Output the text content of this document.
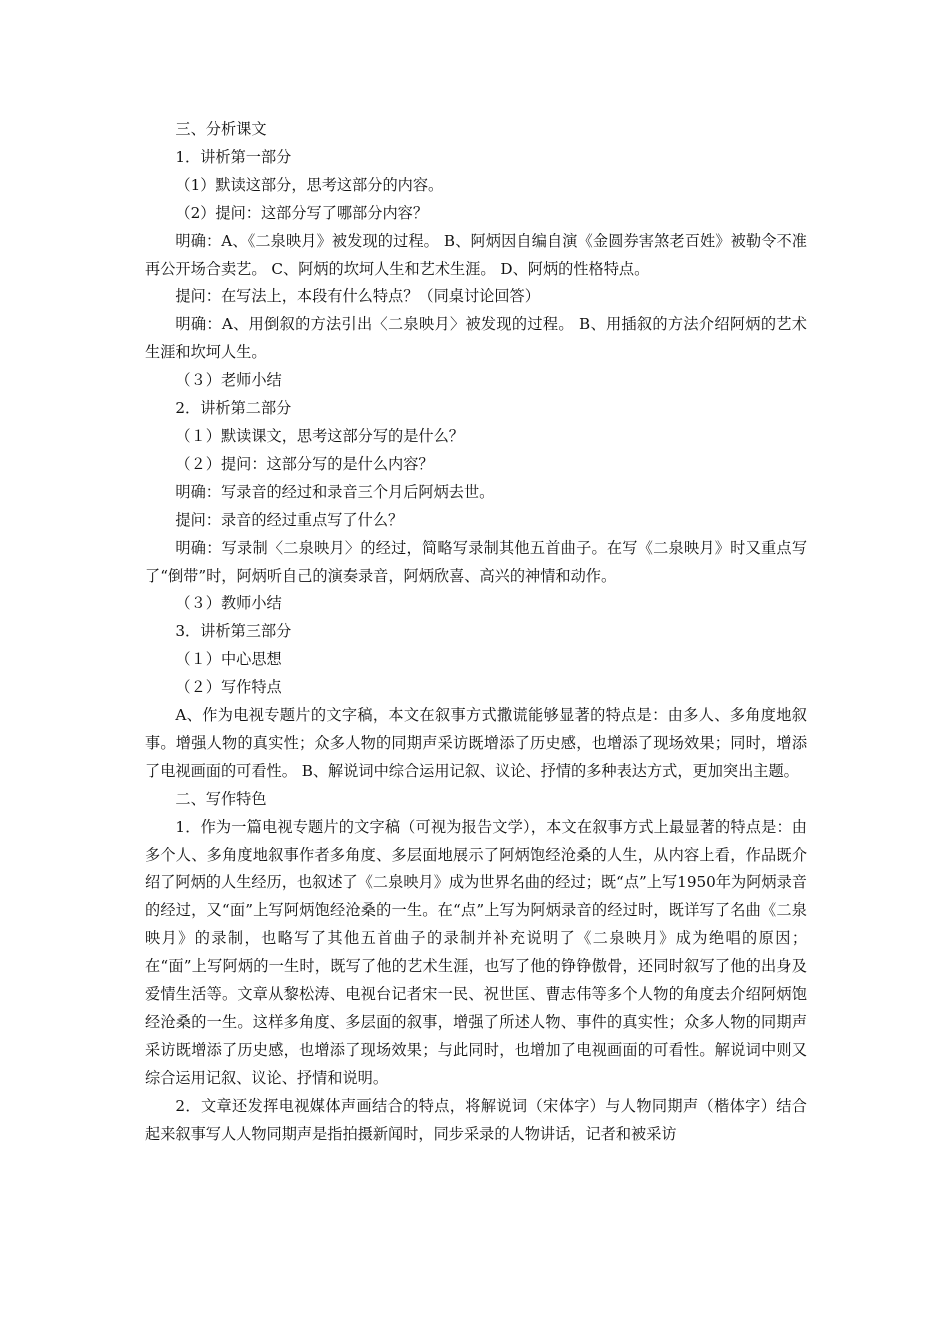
三、分析课文

1．讲析第一部分

（1）默读这部分，思考这部分的内容。

（2）提问：这部分写了哪部分内容？

明确：A、《二泉映月》被发现的过程。 B、阿炳因自编自演《金圆券害煞老百姓》被勒令不准再公开场合卖艺。 C、阿炳的坎坷人生和艺术生涯。 D、阿炳的性格特点。

提问：在写法上，本段有什么特点？（同桌讨论回答）

明确：A、用倒叙的方法引出〈二泉映月〉被发现的过程。 B、用插叙的方法介绍阿炳的艺术生涯和坎坷人生。

（３）老师小结

2．讲析第二部分

（１）默读课文，思考这部分写的是什么？

（２）提问：这部分写的是什么内容？

明确：写录音的经过和录音三个月后阿炳去世。

提问：录音的经过重点写了什么？

明确：写录制〈二泉映月〉的经过，简略写录制其他五首曲子。在写《二泉映月》时又重点写了“倒带”时，阿炳听自己的演奏录音，阿炳欣喜、高兴的神情和动作。

（３）教师小结

3．讲析第三部分

（１）中心思想

（２）写作特点

A、作为电视专题片的文字稿，本文在叙事方式撒谎能够显著的特点是：由多人、多角度地叙事。增强人物的真实性；众多人物的同期声采访既增添了历史感，也增添了现场效果；同时，增添了电视画面的可看性。 B、解说词中综合运用记叙、议论、抒情的多种表达方式，更加突出主题。

二、写作特色

1．作为一篇电视专题片的文字稿（可视为报告文学），本文在叙事方式上最显著的特点是：由多个人、多角度地叙事作者多角度、多层面地展示了阿炳饱经沧桑的人生，从内容上看，作品既介绍了阿炳的人生经历，也叙述了《二泉映月》成为世界名曲的经过；既“点”上写1950年为阿炳录音的经过，又“面”上写阿炳饱经沧桑的一生。在“点”上写为阿炳录音的经过时，既详写了名曲《二泉映月》的录制，也略写了其他五首曲子的录制并补充说明了《二泉映月》成为绝唱的原因；在“面”上写阿炳的一生时，既写了他的艺术生涯，也写了他的铮铮傲骨，还同时叙写了他的出身及爱情生活等。文章从黎松涛、电视台记者宋一民、祝世匡、曹志伟等多个人物的角度去介绍阿炳饱经沧桑的一生。这样多角度、多层面的叙事，增强了所述人物、事件的真实性；众多人物的同期声采访既增添了历史感，也增添了现场效果；与此同时，也增加了电视画面的可看性。解说词中则又综合运用记叙、议论、抒情和说明。

2．文章还发挥电视媒体声画结合的特点，将解说词（宋体字）与人物同期声（楷体字）结合起来叙事写人人物同期声是指拍摄新闻时，同步采录的人物讲话，记者和被采访
